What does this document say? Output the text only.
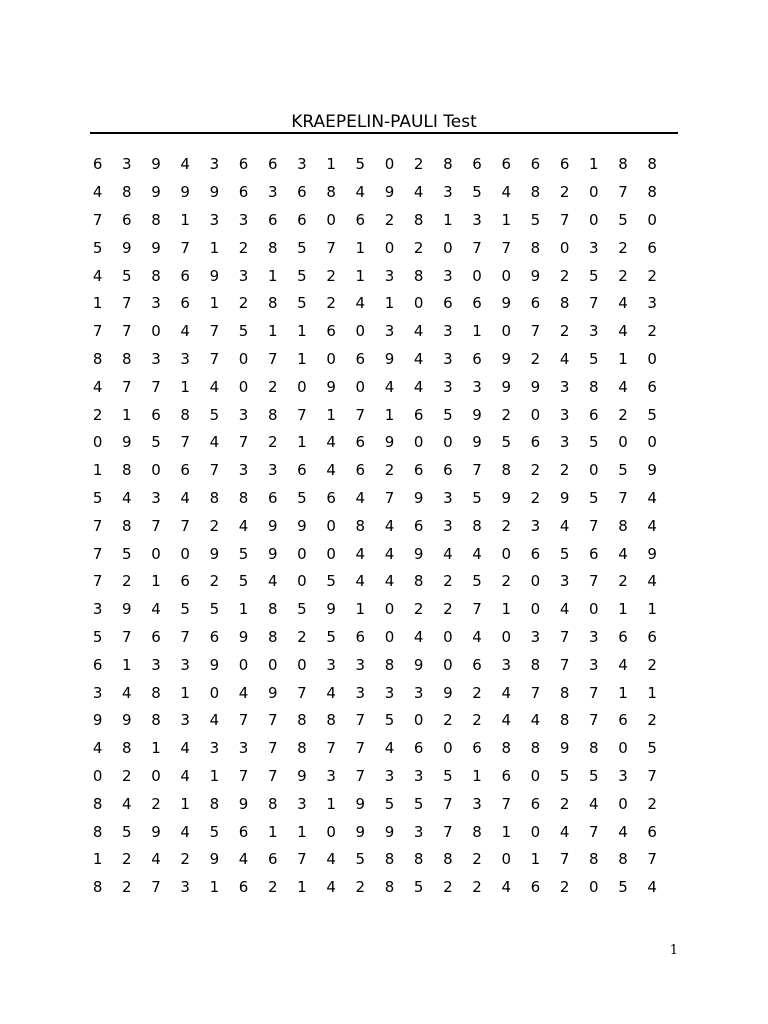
KRAEPELIN-PAULI Test
6	3	9	4	3	6	6	3	1	5	0	2	8	6	6	6	6	1	8	8
4	8	9	9	9	6	3	6	8	4	9	4	3	5	4	8	2	0	7	8
7	6	8	1	3	3	6	6	0	6	2	8	1	3	1	5	7	0	5	0
5	9	9	7	1	2	8	5	7	1	0	2	0	7	7	8	0	3	2	6
4	5	8	6	9	3	1	5	2	1	3	8	3	0	0	9	2	5	2	2
1	7	3	6	1	2	8	5	2	4	1	0	6	6	9	6	8	7	4	3
7	7	0	4	7	5	1	1	6	0	3	4	3	1	0	7	2	3	4	2
8	8	3	3	7	0	7	1	0	6	9	4	3	6	9	2	4	5	1	0
4	7	7	1	4	0	2	0	9	0	4	4	3	3	9	9	3	8	4	6
2	1	6	8	5	3	8	7	1	7	1	6	5	9	2	0	3	6	2	5
0	9	5	7	4	7	2	1	4	6	9	0	0	9	5	6	3	5	0	0
1	8	0	6	7	3	3	6	4	6	2	6	6	7	8	2	2	0	5	9
5	4	3	4	8	8	6	5	6	4	7	9	3	5	9	2	9	5	7	4
7	8	7	7	2	4	9	9	0	8	4	6	3	8	2	3	4	7	8	4
7	5	0	0	9	5	9	0	0	4	4	9	4	4	0	6	5	6	4	9
7	2	1	6	2	5	4	0	5	4	4	8	2	5	2	0	3	7	2	4
3	9	4	5	5	1	8	5	9	1	0	2	2	7	1	0	4	0	1	1
5	7	6	7	6	9	8	2	5	6	0	4	0	4	0	3	7	3	6	6
6	1	3	3	9	0	0	0	3	3	8	9	0	6	3	8	7	3	4	2
3	4	8	1	0	4	9	7	4	3	3	3	9	2	4	7	8	7	1	1
9	9	8	3	4	7	7	8	8	7	5	0	2	2	4	4	8	7	6	2
4	8	1	4	3	3	7	8	7	7	4	6	0	6	8	8	9	8	0	5
0	2	0	4	1	7	7	9	3	7	3	3	5	1	6	0	5	5	3	7
8	4	2	1	8	9	8	3	1	9	5	5	7	3	7	6	2	4	0	2
8	5	9	4	5	6	1	1	0	9	9	3	7	8	1	0	4	7	4	6
1	2	4	2	9	4	6	7	4	5	8	8	8	2	0	1	7	8	8	7
8	2	7	3	1	6	2	1	4	2	8	5	2	2	4	6	2	0	5	4
1
